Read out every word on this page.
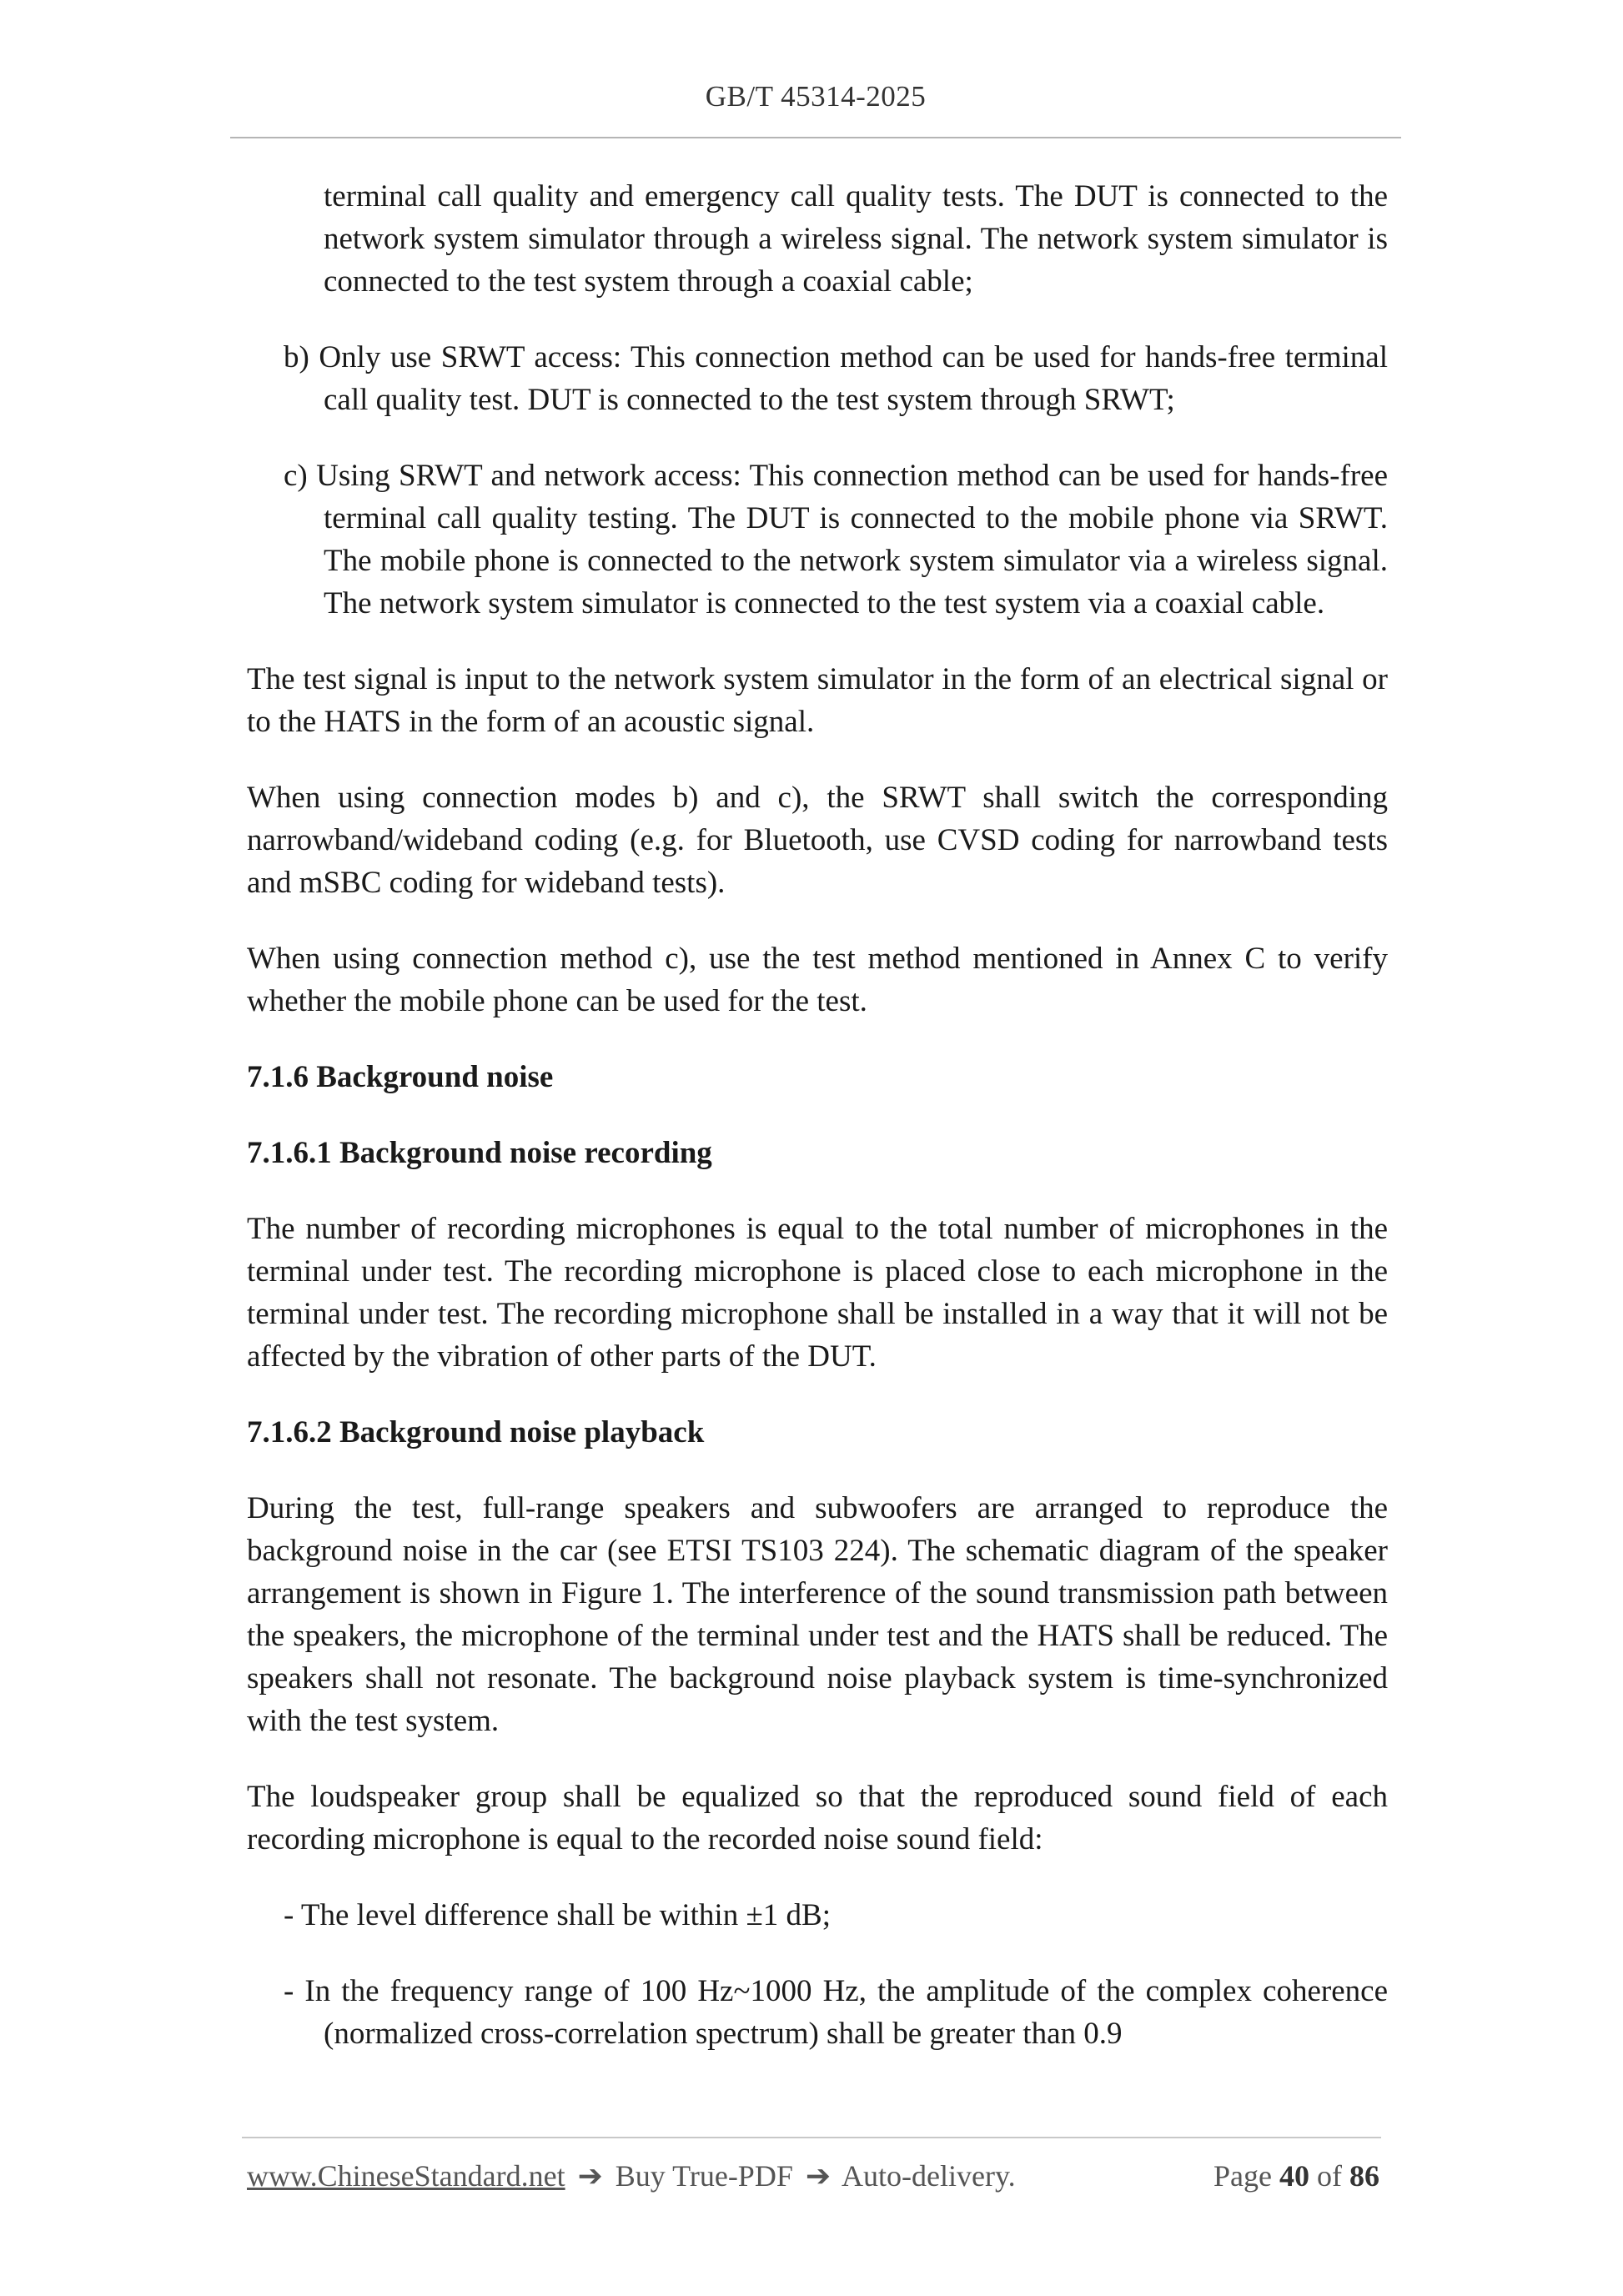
GB/T 45314-2025

terminal call quality and emergency call quality tests. The DUT is connected to the network system simulator through a wireless signal. The network system simulator is connected to the test system through a coaxial cable;

b) Only use SRWT access: This connection method can be used for hands-free terminal call quality test. DUT is connected to the test system through SRWT;

c) Using SRWT and network access: This connection method can be used for hands-free terminal call quality testing. The DUT is connected to the mobile phone via SRWT. The mobile phone is connected to the network system simulator via a wireless signal. The network system simulator is connected to the test system via a coaxial cable.

The test signal is input to the network system simulator in the form of an electrical signal or to the HATS in the form of an acoustic signal.

When using connection modes b) and c), the SRWT shall switch the corresponding narrowband/wideband coding (e.g. for Bluetooth, use CVSD coding for narrowband tests and mSBC coding for wideband tests).

When using connection method c), use the test method mentioned in Annex C to verify whether the mobile phone can be used for the test.

7.1.6 Background noise
7.1.6.1 Background noise recording

The number of recording microphones is equal to the total number of microphones in the terminal under test. The recording microphone is placed close to each microphone in the terminal under test. The recording microphone shall be installed in a way that it will not be affected by the vibration of other parts of the DUT.

7.1.6.2 Background noise playback

During the test, full-range speakers and subwoofers are arranged to reproduce the background noise in the car (see ETSI TS103 224). The schematic diagram of the speaker arrangement is shown in Figure 1. The interference of the sound transmission path between the speakers, the microphone of the terminal under test and the HATS shall be reduced. The speakers shall not resonate. The background noise playback system is time-synchronized with the test system.

The loudspeaker group shall be equalized so that the reproduced sound field of each recording microphone is equal to the recorded noise sound field:

- The level difference shall be within ±1 dB;

- In the frequency range of 100 Hz~1000 Hz, the amplitude of the complex coherence (normalized cross-correlation spectrum) shall be greater than 0.9

www.ChineseStandard.net ➔ Buy True-PDF ➔ Auto-delivery.	Page 40 of 86
